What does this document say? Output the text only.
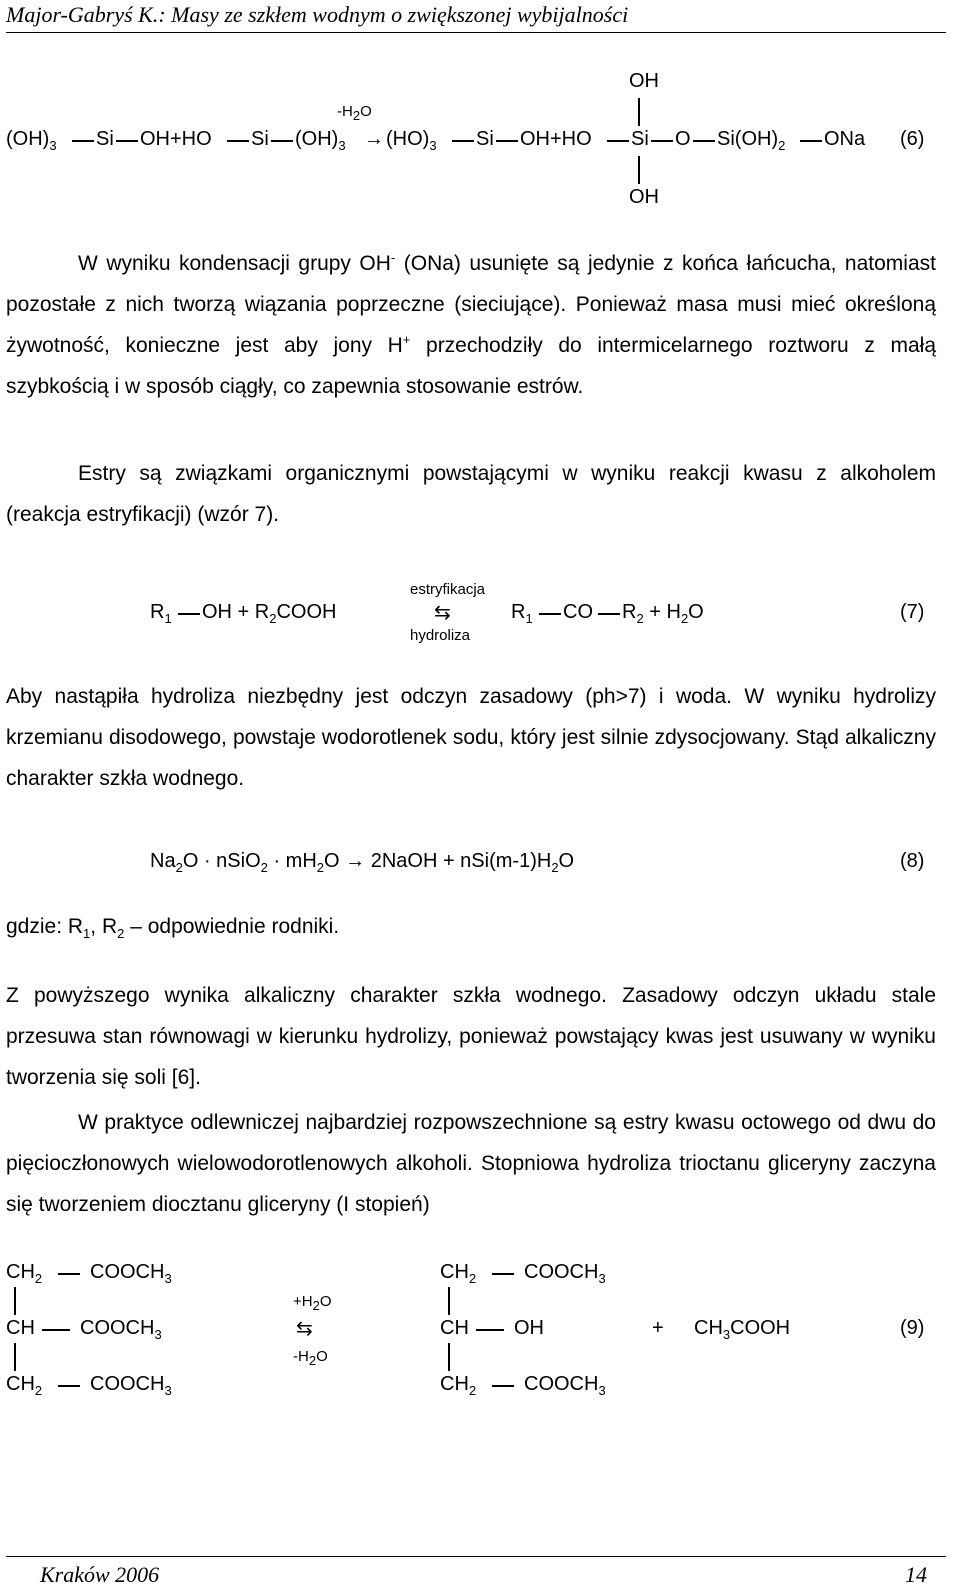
Major-Gabryś K.: Masy ze szkłem wodnym o zwiększonej wybijalności
OH
$-H_2O$
$(OH)_3$ Si OH+HO Si $(OH)_3 \to (HO)_3$ Si OH+HO Si O $Si(OH)_2$ ONa (6)
OH
W wyniku kondensacji grupy OH- (ONa) usunięte są jedynie z końca łańcucha, natomiast pozostałe z nich tworzą wiązania poprzeczne (sieciujące). Ponieważ masa musi mieć określoną żywotność, konieczne jest aby jony H+ przechodziły do intermicelarnego roztworu z małą szybkością i w sposób ciągły, co zapewnia stosowanie estrów.
Estry są związkami organicznymi powstającymi w wyniku reakcji kwasu z alkoholem (reakcja estryfikacji) (wzór 7).
estryfikacja
$R_1$ OH + $R_2COOH$	⇆	$R_1$ CO $R_2 + H_2O$	(7)
hydroliza
Aby nastąpiła hydroliza niezbędny jest odczyn zasadowy (ph>7) i woda. W wyniku hydrolizy krzemianu disodowego, powstaje wodorotlenek sodu, który jest silnie zdysocjowany. Stąd alkaliczny charakter szkła wodnego.
$Na_2O$ · nSiO$_2$ · $mH_2O$ → 2NaOH + $nSi(m-1)H_2O$	(8)
gdzie: $R_1$, $R_2$ – odpowiednie rodniki.
Z powyższego wynika alkaliczny charakter szkła wodnego. Zasadowy odczyn układu stale przesuwa stan równowagi w kierunku hydrolizy, ponieważ powstający kwas jest usuwany w wyniku tworzenia się soli [6].
W praktyce odlewniczej najbardziej rozpowszechnione są estry kwasu octowego od dwu do pięcioczłonowych wielowodorotlenowych alkoholi. Stopniowa hydroliza trioctanu gliceryny zaczyna się tworzeniem diocztanu gliceryny (I stopień)
$CH_2$ $COOCH_3$
CH $COOCH_3$
$CH_2$ $COOCH_3$
$+H_2O$
⇆
$-H_2O$
$CH_2$ $COOCH_3$
CH OH
$CH_2$ $COOCH_3$
+ $CH_3COOH$	(9)
Kraków 2006	14
